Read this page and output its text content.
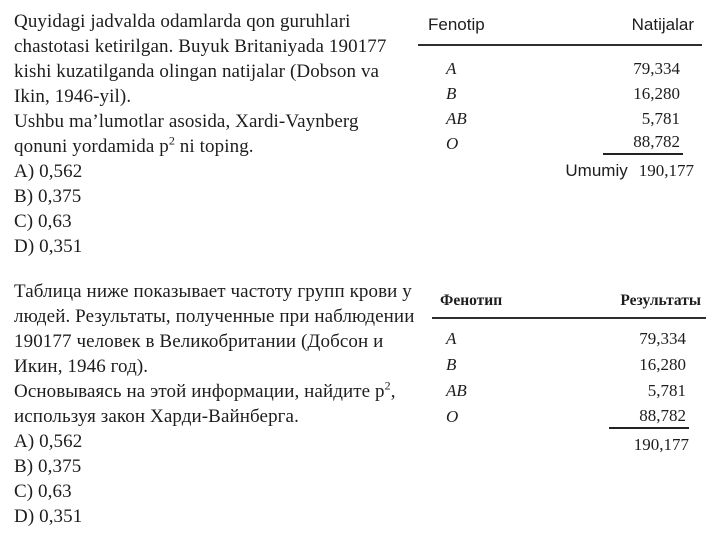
Quyidagi jadvalda odamlarda qon guruhlari
chastotasi ketirilgan. Buyuk Britaniyada 190177
kishi kuzatilganda olingan natijalar (Dobson va
Ikin, 1946-yil).
Ushbu ma’lumotlar asosida, Xardi-Vaynberg
qonuni yordamida $p^2$ ni toping.
A) 0,562
B) 0,375
C) 0,63
D) 0,351
Fenotip	Natijalar
A	79,334
B	16,280
AB	5,781
O	88,782
Umumiy 190,177
Таблица ниже показывает частоту групп крови у
людей. Результаты, полученные при наблюдении
190177 человек в Великобритании (Добсон и
Икин, 1946 год).
Основываясь на этой информации, найдите $p^2$,
используя закон Харди-Вайнберга.
A) 0,562
B) 0,375
C) 0,63
D) 0,351
Фенотип	Результаты
A	79,334
B	16,280
AB	5,781
O	88,782
190,177
